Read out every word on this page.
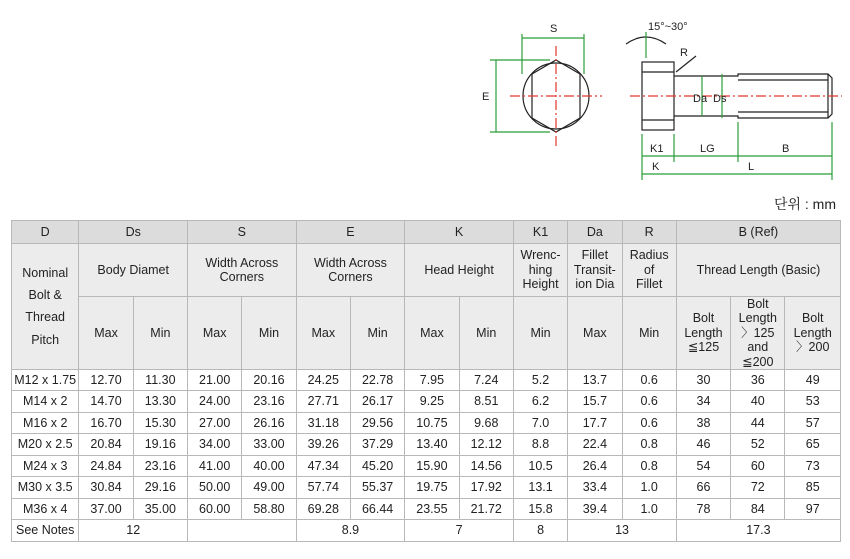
S
E
15°~30°
R
Da Ds
K1	LG	B
K	L
단위 : mm
D	Ds		S		E		K		K1	Da	R	B (Ref)		

Nominal
Bolt &
Thread
Pitch	Body Diamet		Width Across Corners		Width Across Corners		Head Height		Wrenc-
hing
Height	Fillet
Transit-
ion Dia	Radius
of
Fillet	Thread Length (Basic)		
	Max	Min	Max	Min	Max	Min	Max	Min	Min	Max	Min	Bolt
Length
≦125	Bolt
Length
〉125 and
≦200	Bolt
Length
〉200

M12 x 1.75	12.70	11.30	21.00	20.16	24.25	22.78	7.95	7.24	5.2	13.7	0.6	30	36	49
M14 x 2	14.70	13.30	24.00	23.16	27.71	26.17	9.25	8.51	6.2	15.7	0.6	34	40	53
M16 x 2	16.70	15.30	27.00	26.16	31.18	29.56	10.75	9.68	7.0	17.7	0.6	38	44	57
M20 x 2.5	20.84	19.16	34.00	33.00	39.26	37.29	13.40	12.12	8.8	22.4	0.8	46	52	65
M24 x 3	24.84	23.16	41.00	40.00	47.34	45.20	15.90	14.56	10.5	26.4	0.8	54	60	73
M30 x 3.5	30.84	29.16	50.00	49.00	57.74	55.37	19.75	17.92	13.1	33.4	1.0	66	72	85
M36 x 4	37.00	35.00	60.00	58.80	69.28	66.44	23.55	21.72	15.8	39.4	1.0	78	84	97
See Notes	12				8.9		7		8	13		17.3		
